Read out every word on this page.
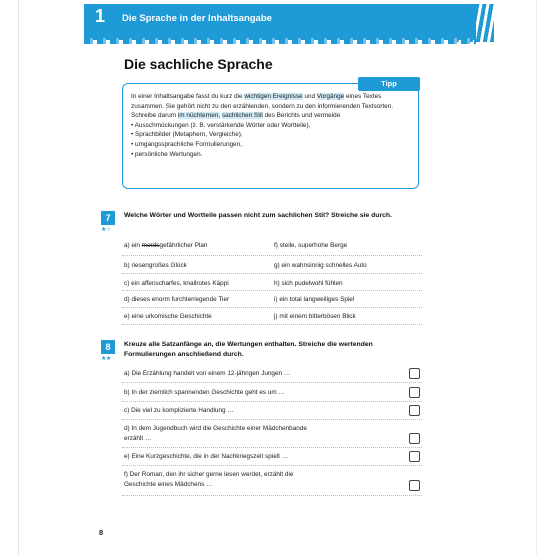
1 Die Sprache in der Inhaltsangabe
Die sachliche Sprache
In einer Inhaltsangabe fasst du kurz die wichtigen Ereignisse und Vorgänge eines Textes zusammen. Sie gehört nicht zu den erzählenden, sondern zu den informierenden Textsorten. Schreibe darum im nüchternen, sachlichen Stil des Berichts und vermeide
• Ausschmückungen (z. B. verstärkende Wörter oder Wortteile),
• Sprachbilder (Metaphern, Vergleiche),
• umgangssprachliche Formulierungen,
• persönliche Wertungen.
Tipp
7
★☆
Welche Wörter und Wortteile passen nicht zum sachlichen Stil? Streiche sie durch.
a) ein mordsgefährlicher Plan
b) riesengroßes Glück
c) ein affenscharfes, knallrotes Käppi
d) dieses enorm furchterregende Tier
e) eine urkomische Geschichte
f) steile, superhohe Berge
g) ein wahnsinnig schnelles Auto
h) sich pudelwohl fühlen
i) ein total langweiliges Spiel
j) mit einem bitterbösen Blick
8
★★
Kreuze alle Satzanfänge an, die Wertungen enthalten. Streiche die wertenden Formulierungen anschließend durch.
a) Die Erzählung handelt von einem 12-jährigen Jungen …
b) In der ziemlich spannenden Geschichte geht es um …
c) Die viel zu komplizierte Handlung …
d) In dem Jugendbuch wird die Geschichte einer Mädchenbande erzählt …
e) Eine Kurzgeschichte, die in der Nachkriegszeit spielt …
f) Der Roman, den ihr sicher gerne lesen werdet, erzählt die Geschichte eines Mädchens …
8
